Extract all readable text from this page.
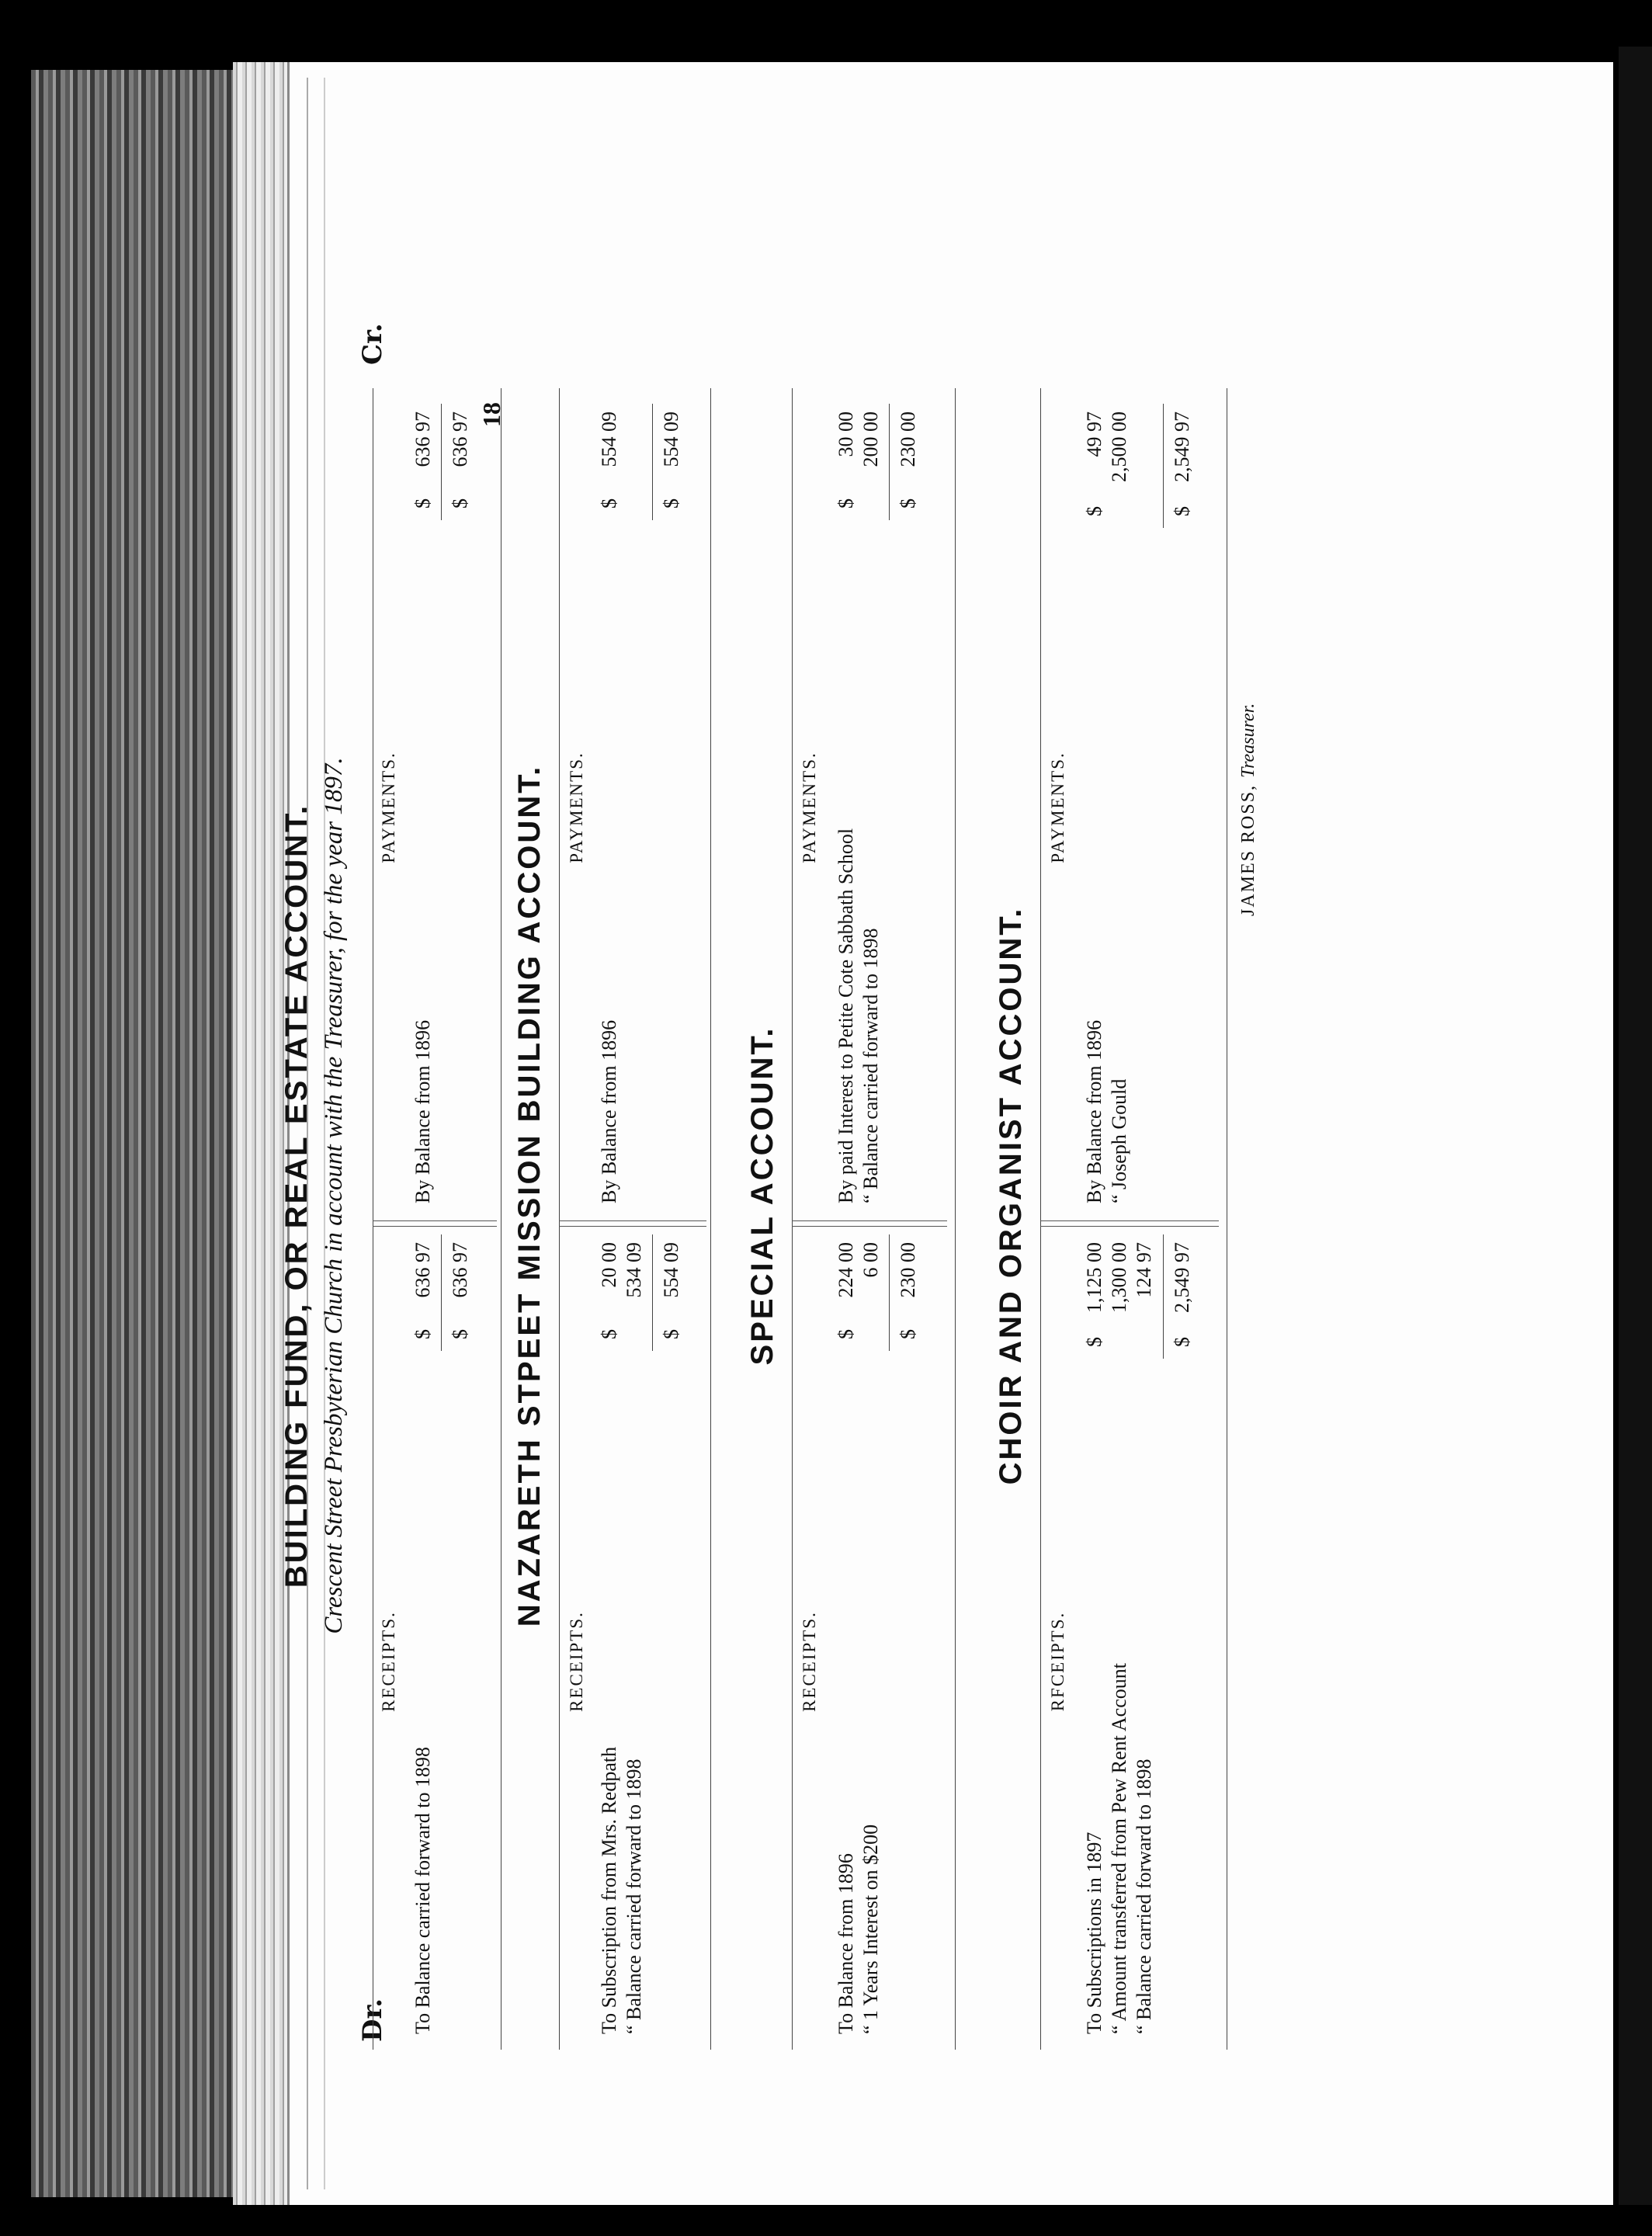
Dr.
Cr.
BUILDING FUND, OR REAL ESTATE ACCOUNT. Crescent Street Presbyterian Church in account with the Treasurer, for the year 1897.
18
RECEIPTS.
PAYMENTS.
To Balance carried forward to 1898
$
636 97
$
636 97
By Balance from 1896
$
636 97
$
636 97
NAZARETH STPEET MISSION BUILDING ACCOUNT.
RECEIPTS.
PAYMENTS.
To Subscription from Mrs. Redpath
$
20 00
“ Balance carried forward to 1898
534 09
$
554 09
By Balance from 1896
$
554 09
$
554 09
SPECIAL ACCOUNT.
RECEIPTS.
PAYMENTS.
To Balance from 1896
$
224 00
“ 1 Years Interest on $200
6 00
$
230 00
By paid Interest to Petite Cote Sabbath School
$
30 00
“ Balance carried forward to 1898
200 00
$
230 00
CHOIR AND ORGANIST ACCOUNT.
RFCEIPTS.
PAYMENTS.
To Subscriptions in 1897
$
1,125 00
“ Amount transferred from Pew Rent Account
1,300 00
“ Balance carried forward to 1898
124 97
$
2,549 97
By Balance from 1896
$
49 97
“ Joseph Gould
2,500 00
$
2,549 97
JAMES ROSS, Treasurer.
